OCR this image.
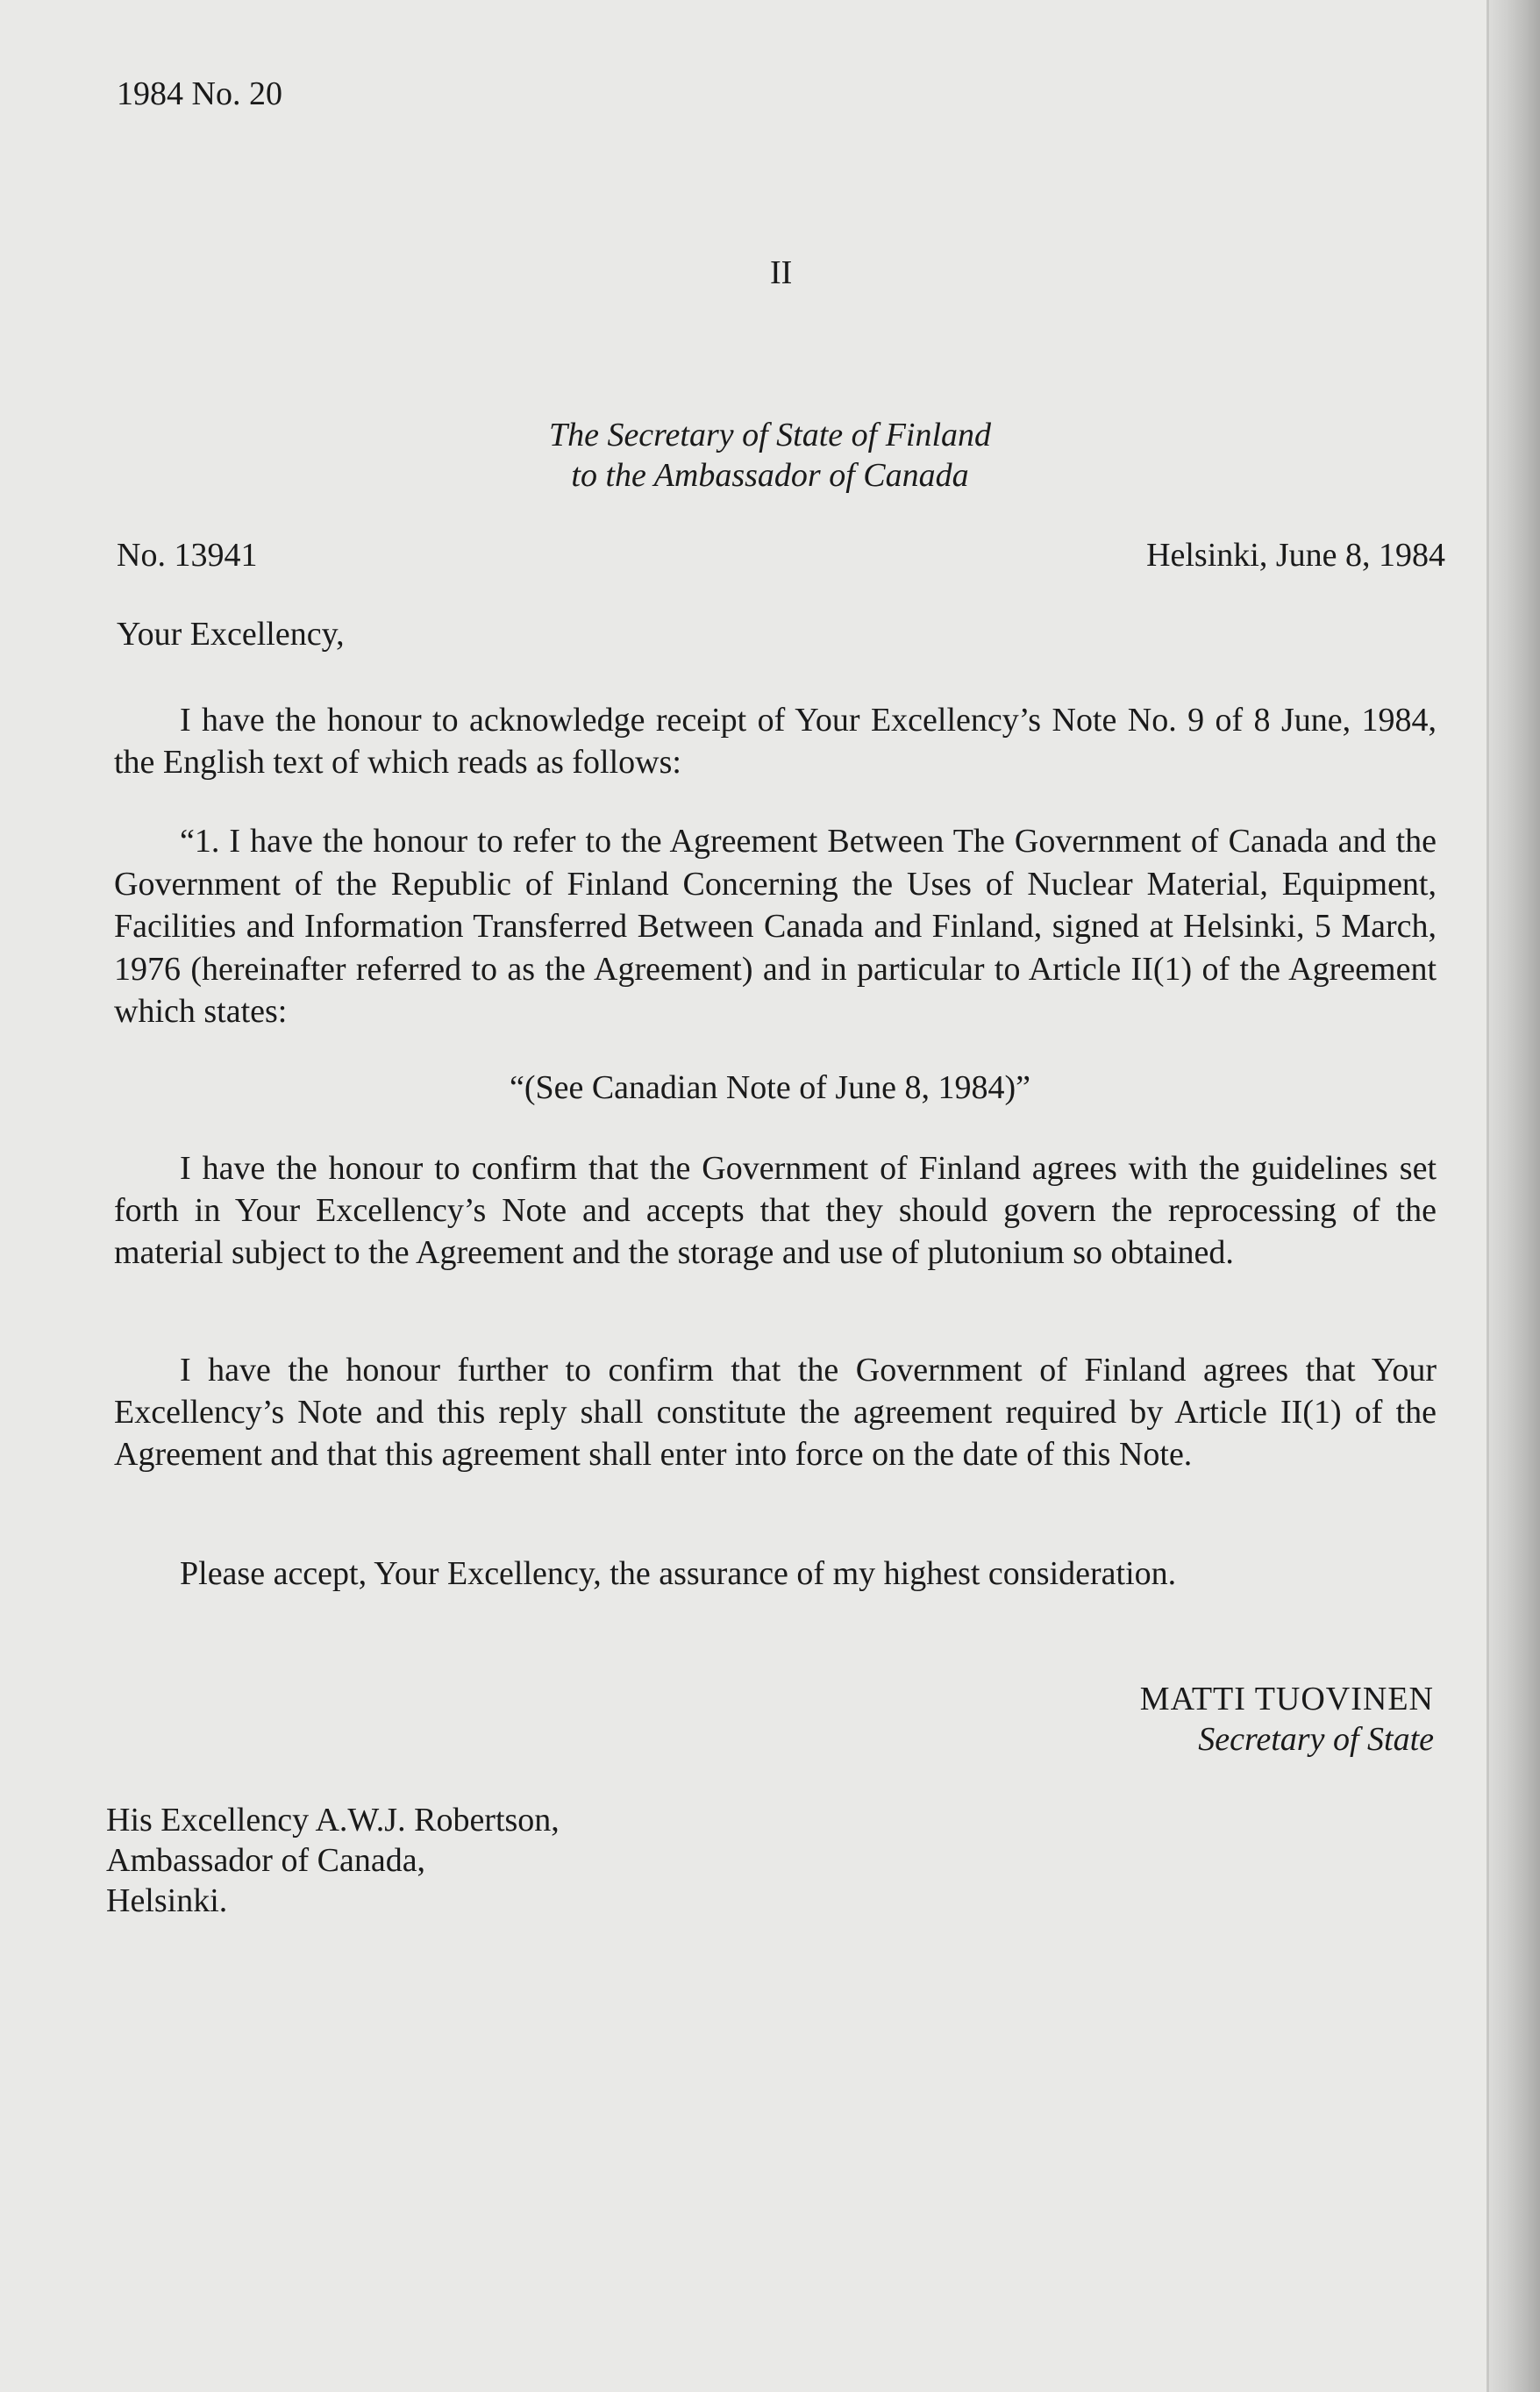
1984 No. 20
II
The Secretary of State of Finland
to the Ambassador of Canada
No. 13941	Helsinki, June 8, 1984
Your Excellency,
I have the honour to acknowledge receipt of Your Excellency’s Note No. 9 of 8 June, 1984, the English text of which reads as follows:
“1. I have the honour to refer to the Agreement Between The Government of Canada and the Government of the Republic of Finland Concerning the Uses of Nuclear Material, Equipment, Facilities and Information Transferred Between Canada and Finland, signed at Helsinki, 5 March, 1976 (hereinafter referred to as the Agreement) and in particular to Article II(1) of the Agreement which states:
“(See Canadian Note of June 8, 1984)”
I have the honour to confirm that the Government of Finland agrees with the guidelines set forth in Your Excellency’s Note and accepts that they should govern the reprocessing of the material subject to the Agreement and the storage and use of plutonium so obtained.
I have the honour further to confirm that the Government of Finland agrees that Your Excellency’s Note and this reply shall constitute the agreement required by Article II(1) of the Agreement and that this agreement shall enter into force on the date of this Note.
Please accept, Your Excellency, the assurance of my highest consideration.
MATTI TUOVINEN
Secretary of State
His Excellency A.W.J. Robertson,
Ambassador of Canada,
Helsinki.
